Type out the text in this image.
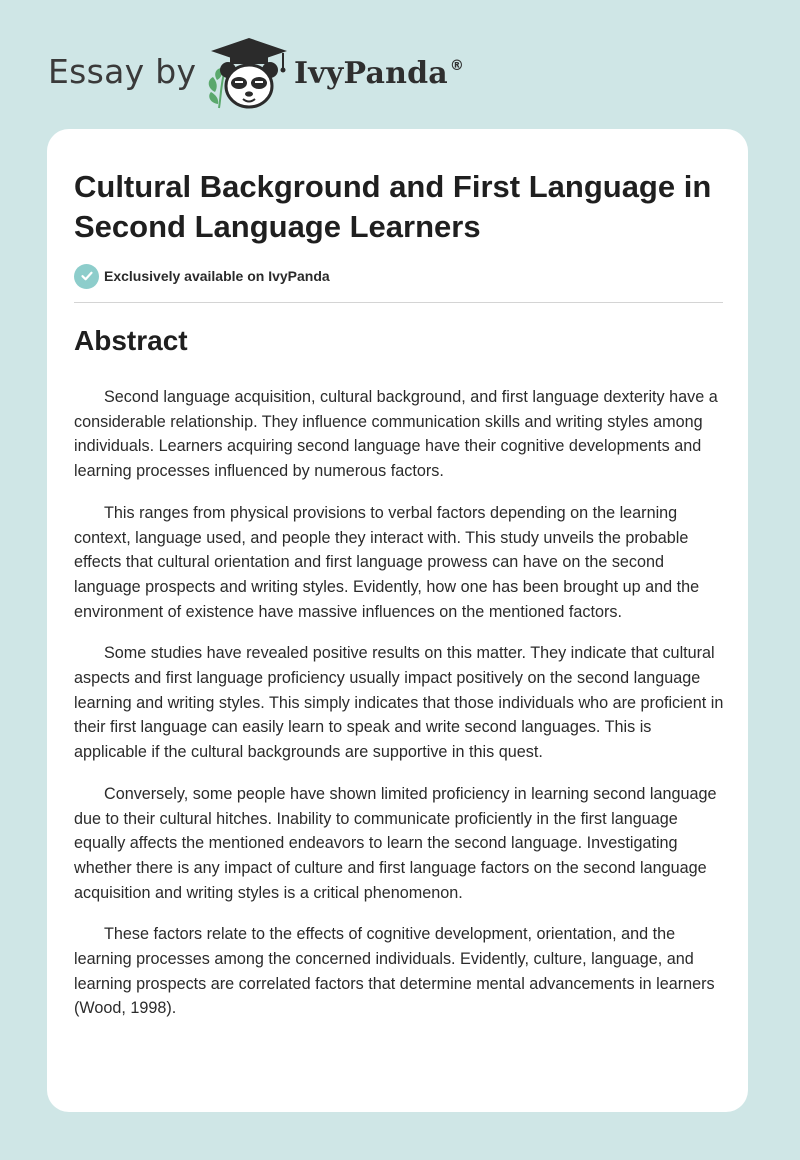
Essay by	IvyPanda ®
Cultural Background and First Language in Second Language Learners
Exclusively available on IvyPanda
Abstract

Second language acquisition, cultural background, and first language dexterity have a considerable relationship. They influence communication skills and writing styles among individuals. Learners acquiring second language have their cognitive developments and learning processes influenced by numerous factors.

This ranges from physical provisions to verbal factors depending on the learning context, language used, and people they interact with. This study unveils the probable effects that cultural orientation and first language prowess can have on the second language prospects and writing styles. Evidently, how one has been brought up and the environment of existence have massive influences on the mentioned factors.

Some studies have revealed positive results on this matter. They indicate that cultural aspects and first language proficiency usually impact positively on the second language learning and writing styles. This simply indicates that those individuals who are proficient in their first language can easily learn to speak and write second languages. This is applicable if the cultural backgrounds are supportive in this quest.

Conversely, some people have shown limited proficiency in learning second language due to their cultural hitches. Inability to communicate proficiently in the first language equally affects the mentioned endeavors to learn the second language. Investigating whether there is any impact of culture and first language factors on the second language acquisition and writing styles is a critical phenomenon.

These factors relate to the effects of cognitive development, orientation, and the learning processes among the concerned individuals. Evidently, culture, language, and learning prospects are correlated factors that determine mental advancements in learners (Wood, 1998).
